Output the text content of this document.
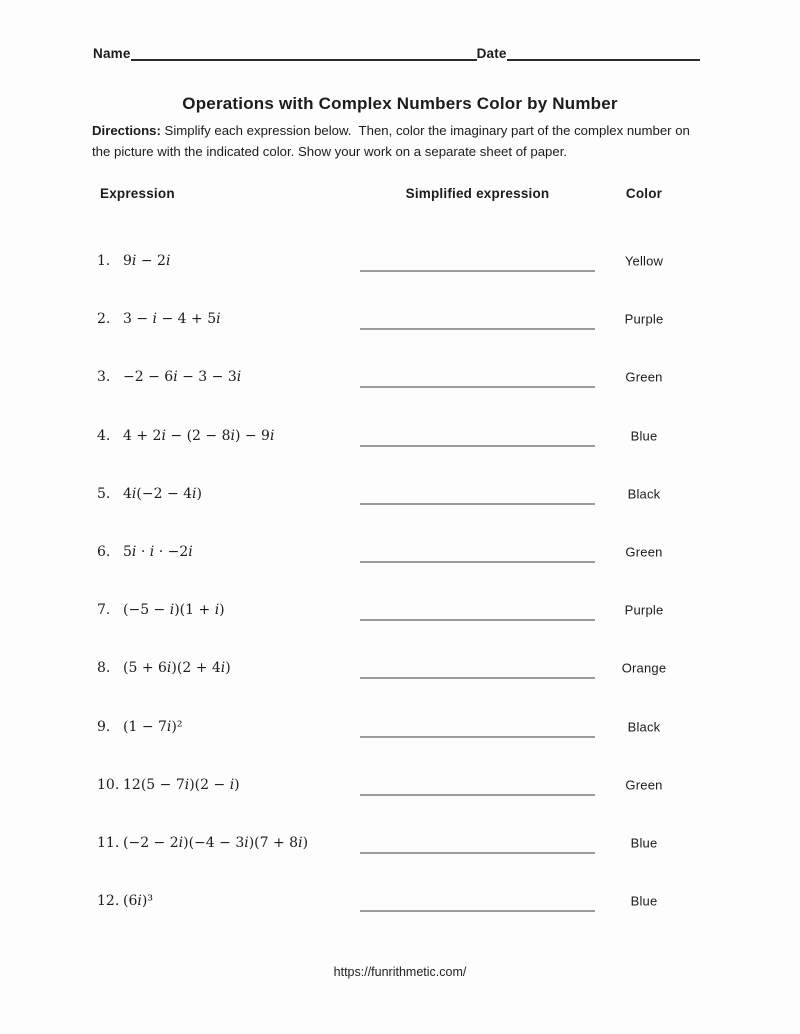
Name	Date
Operations with Complex Numbers Color by Number
Directions: Simplify each expression below.  Then, color the imaginary part of the complex number on the picture with the indicated color. Show your work on a separate sheet of paper.
Expression	Simplified expression	Color
1. 9i − 2i	Yellow
2. 3 − i − 4 + 5i	Purple
3. −2 − 6i − 3 − 3i	Green
4. 4 + 2i − (2 − 8i) − 9i	Blue
5. 4i(−2 − 4i)	Black
6. 5i · i · −2i	Green
7. (−5 − i)(1 + i)	Purple
8. (5 + 6i)(2 + 4i)	Orange
9. (1 − 7i)²	Black
10. 12(5 − 7i)(2 − i)	Green
11. (−2 − 2i)(−4 − 3i)(7 + 8i)	Blue
12. (6i)³	Blue
https://funrithmetic.com/
